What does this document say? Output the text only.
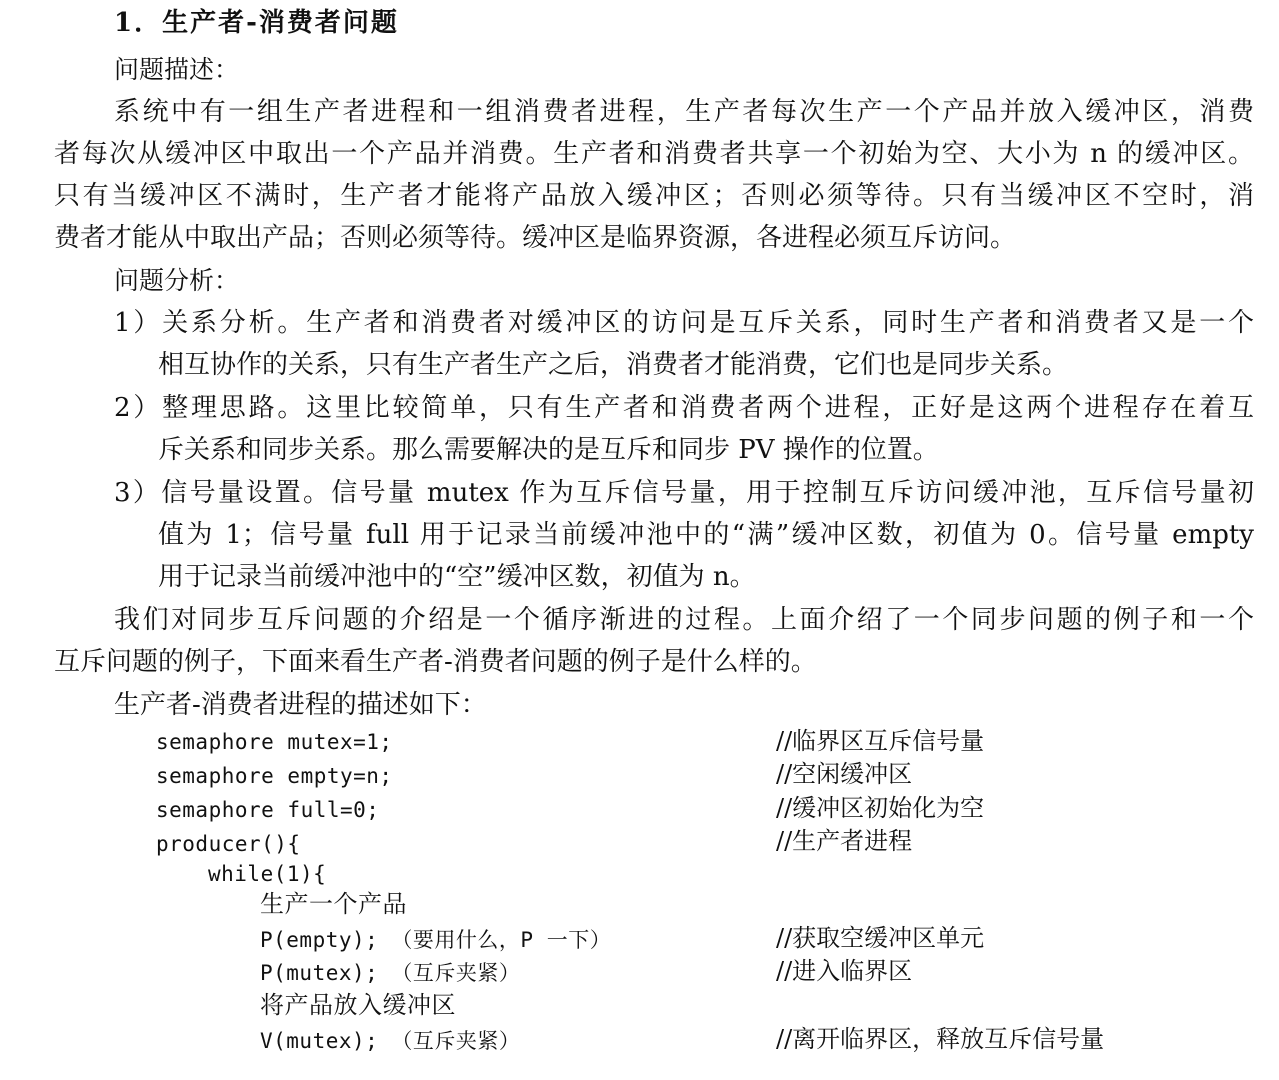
1．生产者-消费者问题
问题描述：
系统中有一组生产者进程和一组消费者进程，生产者每次生产一个产品并放入缓冲区，消费
者每次从缓冲区中取出一个产品并消费。生产者和消费者共享一个初始为空、大小为 n 的缓冲区。
只有当缓冲区不满时，生产者才能将产品放入缓冲区；否则必须等待。只有当缓冲区不空时，消
费者才能从中取出产品；否则必须等待。缓冲区是临界资源，各进程必须互斥访问。
问题分析：
1）关系分析。生产者和消费者对缓冲区的访问是互斥关系，同时生产者和消费者又是一个
相互协作的关系，只有生产者生产之后，消费者才能消费，它们也是同步关系。
2）整理思路。这里比较简单，只有生产者和消费者两个进程，正好是这两个进程存在着互
斥关系和同步关系。那么需要解决的是互斥和同步 PV 操作的位置。
3）信号量设置。信号量 mutex 作为互斥信号量，用于控制互斥访问缓冲池，互斥信号量初
值为 1；信号量 full 用于记录当前缓冲池中的“满”缓冲区数，初值为 0。信号量 empty
用于记录当前缓冲池中的“空”缓冲区数，初值为 n。
我们对同步互斥问题的介绍是一个循序渐进的过程。上面介绍了一个同步问题的例子和一个
互斥问题的例子，下面来看生产者-消费者问题的例子是什么样的。
生产者-消费者进程的描述如下：
semaphore mutex=1;	//临界区互斥信号量
semaphore empty=n;	//空闲缓冲区
semaphore full=0;	//缓冲区初始化为空
producer(){	//生产者进程
while(1){
生产一个产品
P(empty); （要用什么，P 一下）	//获取空缓冲区单元
P(mutex); （互斥夹紧）	//进入临界区
将产品放入缓冲区
V(mutex); （互斥夹紧）	//离开临界区，释放互斥信号量
